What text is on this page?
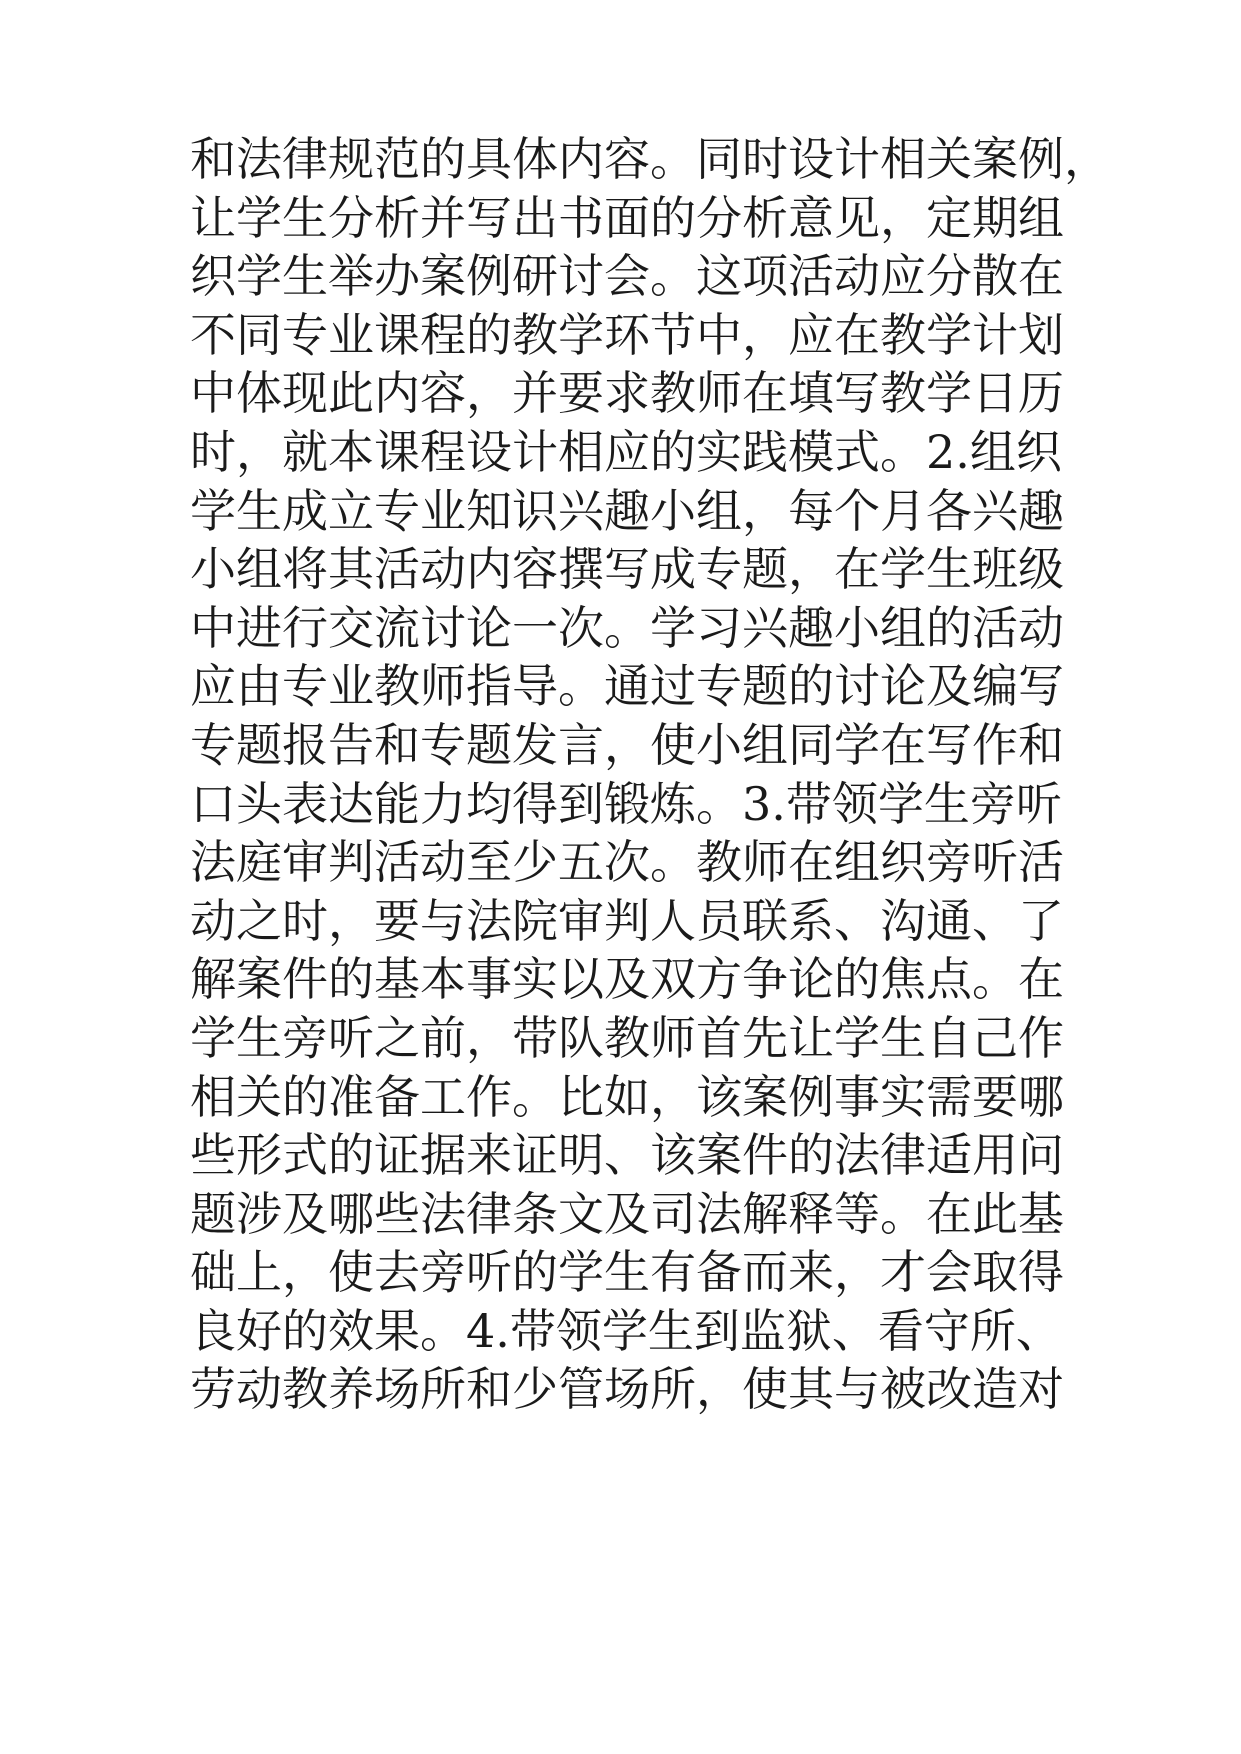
和法律规范的具体内容。同时设计相关案例，
让学生分析并写出书面的分析意见，定期组
织学生举办案例研讨会。这项活动应分散在
不同专业课程的教学环节中，应在教学计划
中体现此内容，并要求教师在填写教学日历
时，就本课程设计相应的实践模式。2.组织
学生成立专业知识兴趣小组，每个月各兴趣
小组将其活动内容撰写成专题，在学生班级
中进行交流讨论一次。学习兴趣小组的活动
应由专业教师指导。通过专题的讨论及编写
专题报告和专题发言，使小组同学在写作和
口头表达能力均得到锻炼。3.带领学生旁听
法庭审判活动至少五次。教师在组织旁听活
动之时，要与法院审判人员联系、沟通、了
解案件的基本事实以及双方争论的焦点。在
学生旁听之前，带队教师首先让学生自己作
相关的准备工作。比如，该案例事实需要哪
些形式的证据来证明、该案件的法律适用问
题涉及哪些法律条文及司法解释等。在此基
础上，使去旁听的学生有备而来，才会取得
良好的效果。4.带领学生到监狱、看守所、
劳动教养场所和少管场所，使其与被改造对
